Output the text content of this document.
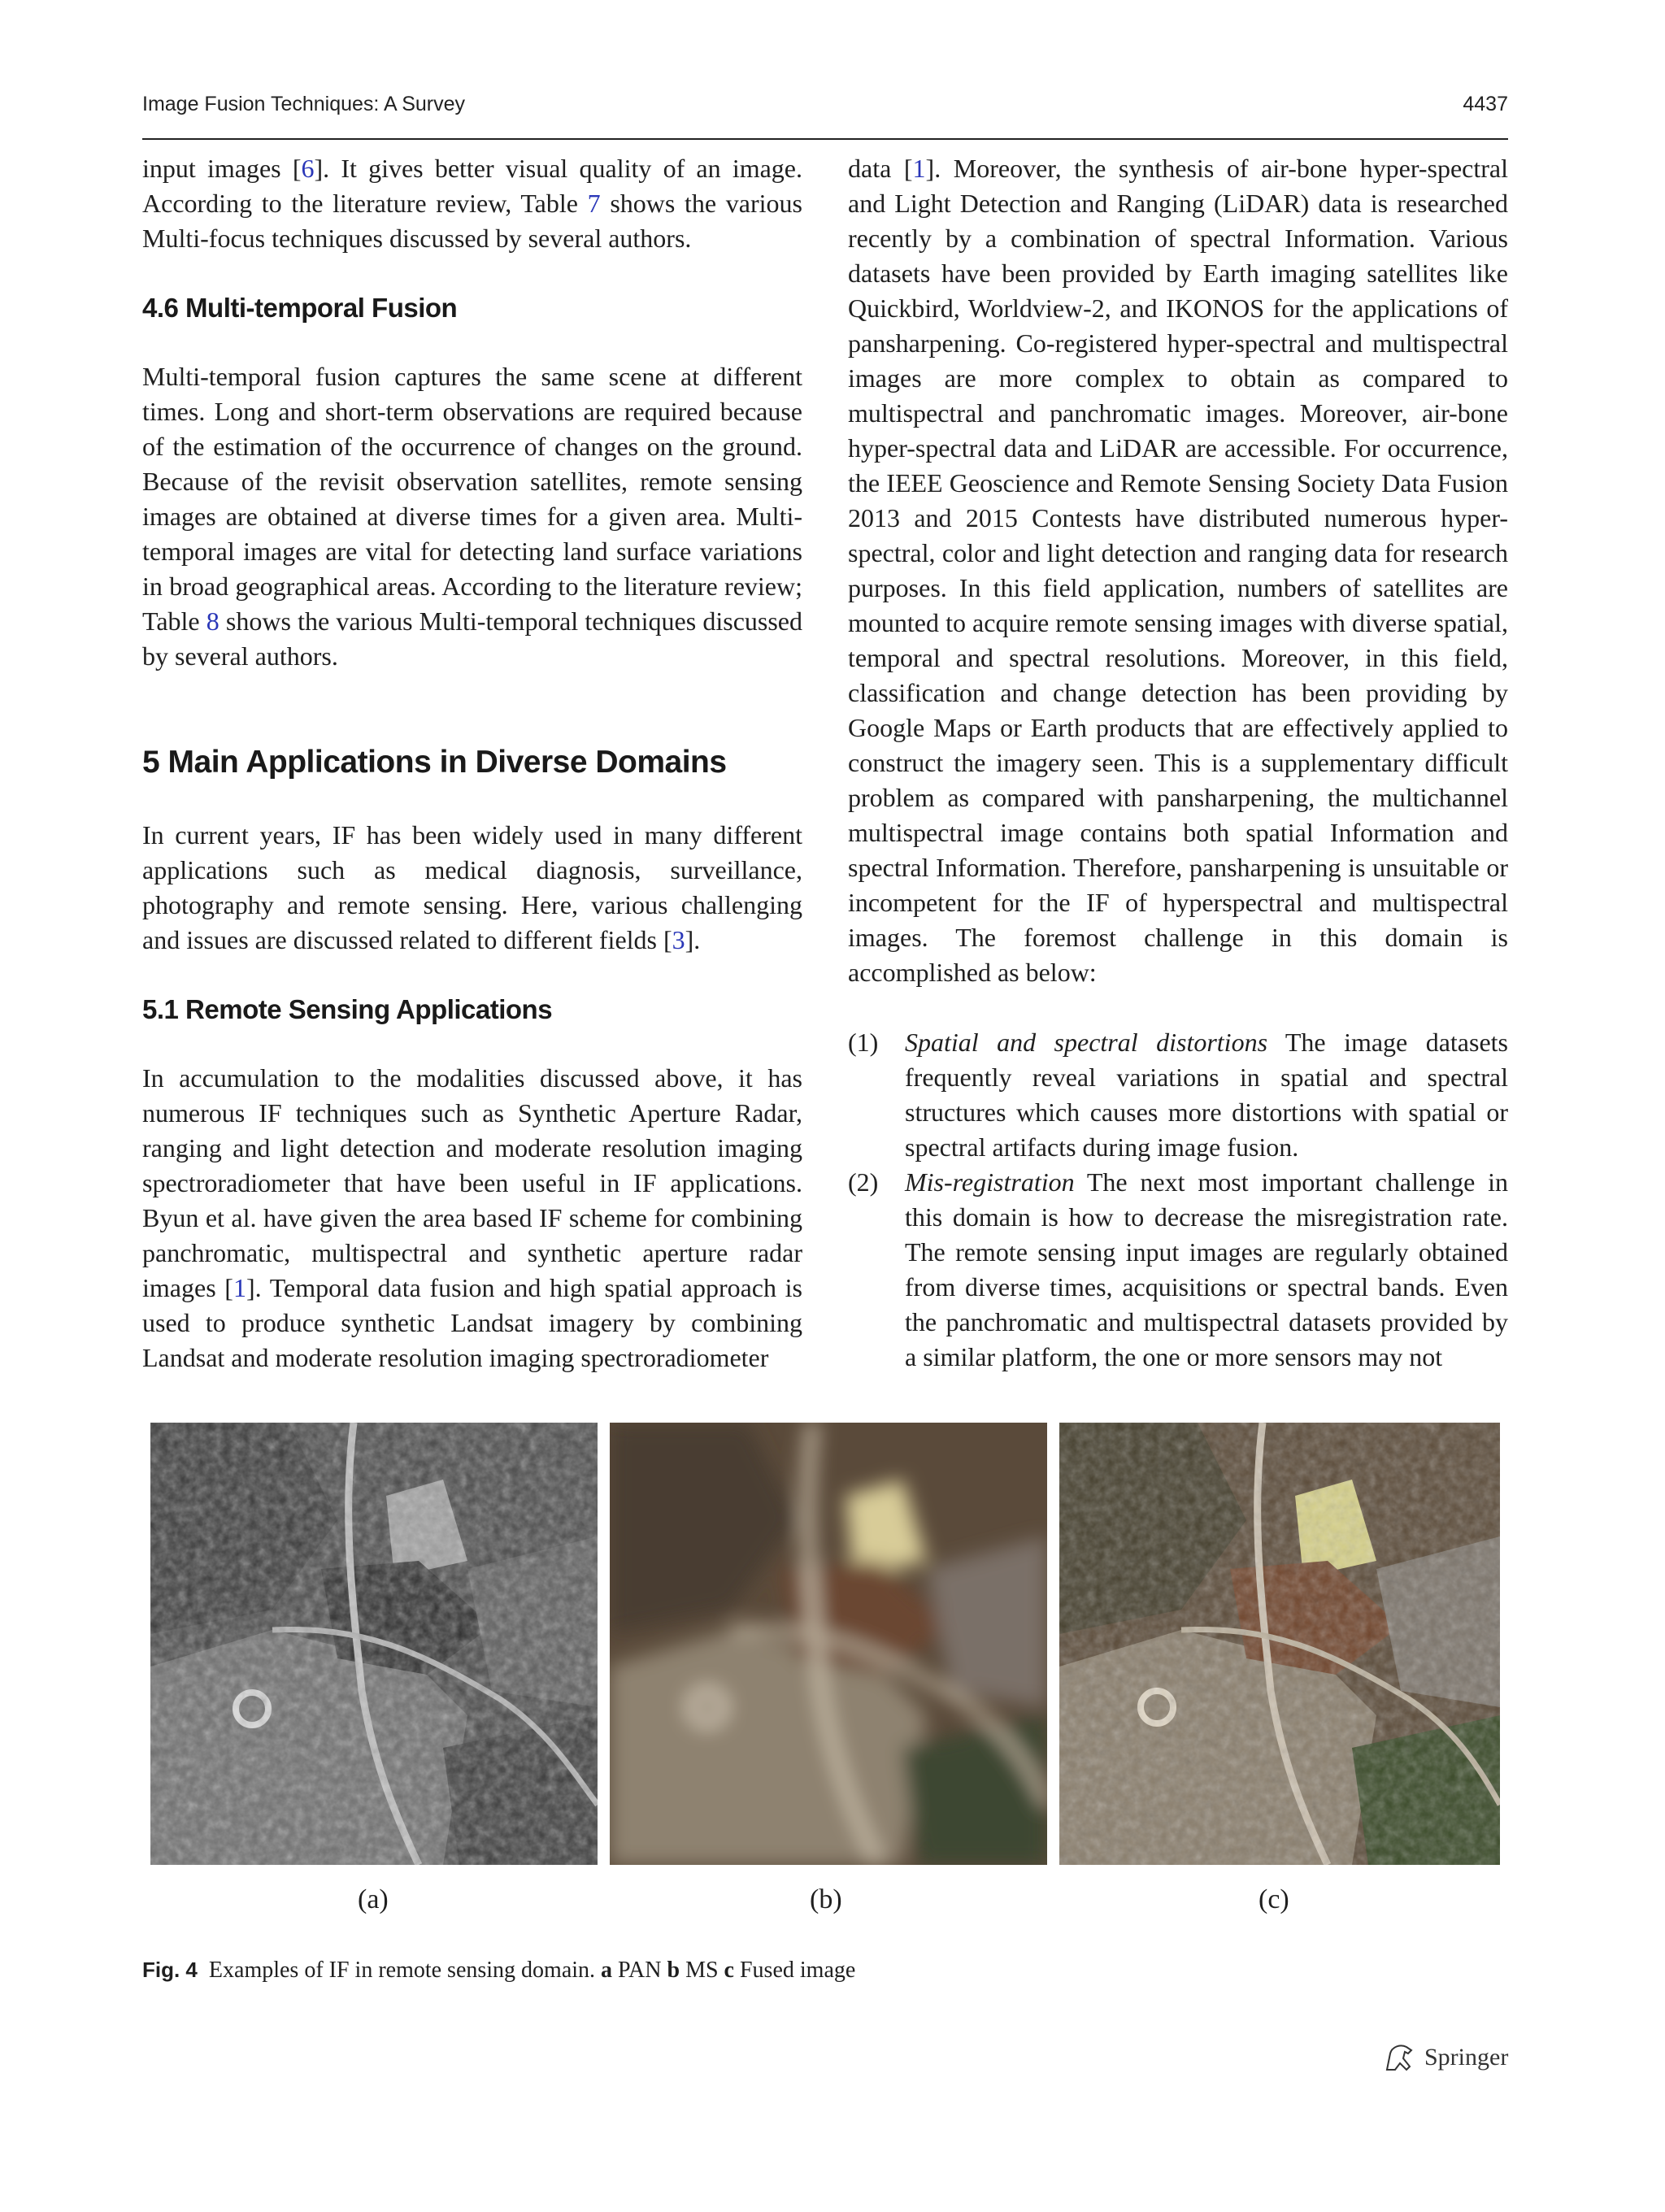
Image Fusion Techniques: A Survey	4437

input images [6]. It gives better visual quality of an image. According to the literature review, Table 7 shows the various Multi-focus techniques discussed by several authors.

4.6 Multi-temporal Fusion

Multi-temporal fusion captures the same scene at different times. Long and short-term observations are required because of the estimation of the occurrence of changes on the ground. Because of the revisit observation satellites, remote sensing images are obtained at diverse times for a given area. Multi-temporal images are vital for detecting land surface variations in broad geographical areas. According to the literature review; Table 8 shows the various Multi-temporal techniques discussed by several authors.

5 Main Applications in Diverse Domains

In current years, IF has been widely used in many different applications such as medical diagnosis, surveillance, photography and remote sensing. Here, various challenging and issues are discussed related to different fields [3].

5.1 Remote Sensing Applications

In accumulation to the modalities discussed above, it has numerous IF techniques such as Synthetic Aperture Radar, ranging and light detection and moderate resolution imaging spectroradiometer that have been useful in IF applications. Byun et al. have given the area based IF scheme for combining panchromatic, multispectral and synthetic aperture radar images [1]. Temporal data fusion and high spatial approach is used to produce synthetic Landsat imagery by combining Landsat and moderate resolution imaging spectroradiometer

data [1]. Moreover, the synthesis of air-bone hyper-spectral and Light Detection and Ranging (LiDAR) data is researched recently by a combination of spectral Information. Various datasets have been provided by Earth imaging satellites like Quickbird, Worldview-2, and IKONOS for the applications of pansharpening. Co-registered hyper-spectral and multispectral images are more complex to obtain as compared to multispectral and panchromatic images. Moreover, air-bone hyper-spectral data and LiDAR are accessible. For occurrence, the IEEE Geoscience and Remote Sensing Society Data Fusion 2013 and 2015 Contests have distributed numerous hyper-spectral, color and light detection and ranging data for research purposes. In this field application, numbers of satellites are mounted to acquire remote sensing images with diverse spatial, temporal and spectral resolutions. Moreover, in this field, classification and change detection has been providing by Google Maps or Earth products that are effectively applied to construct the imagery seen. This is a supplementary difficult problem as compared with pansharpening, the multichannel multispectral image contains both spatial Information and spectral Information. Therefore, pansharpening is unsuitable or incompetent for the IF of hyperspectral and multispectral images. The foremost challenge in this domain is accomplished as below:

(1) Spatial and spectral distortions The image datasets frequently reveal variations in spatial and spectral structures which causes more distortions with spatial or spectral artifacts during image fusion.
(2) Mis-registration The next most important challenge in this domain is how to decrease the misregistration rate. The remote sensing input images are regularly obtained from diverse times, acquisitions or spectral bands. Even the panchromatic and multispectral datasets provided by a similar platform, the one or more sensors may not
(a)	(b)	(c)
Fig. 4 Examples of IF in remote sensing domain. a PAN b MS c Fused image
Springer
